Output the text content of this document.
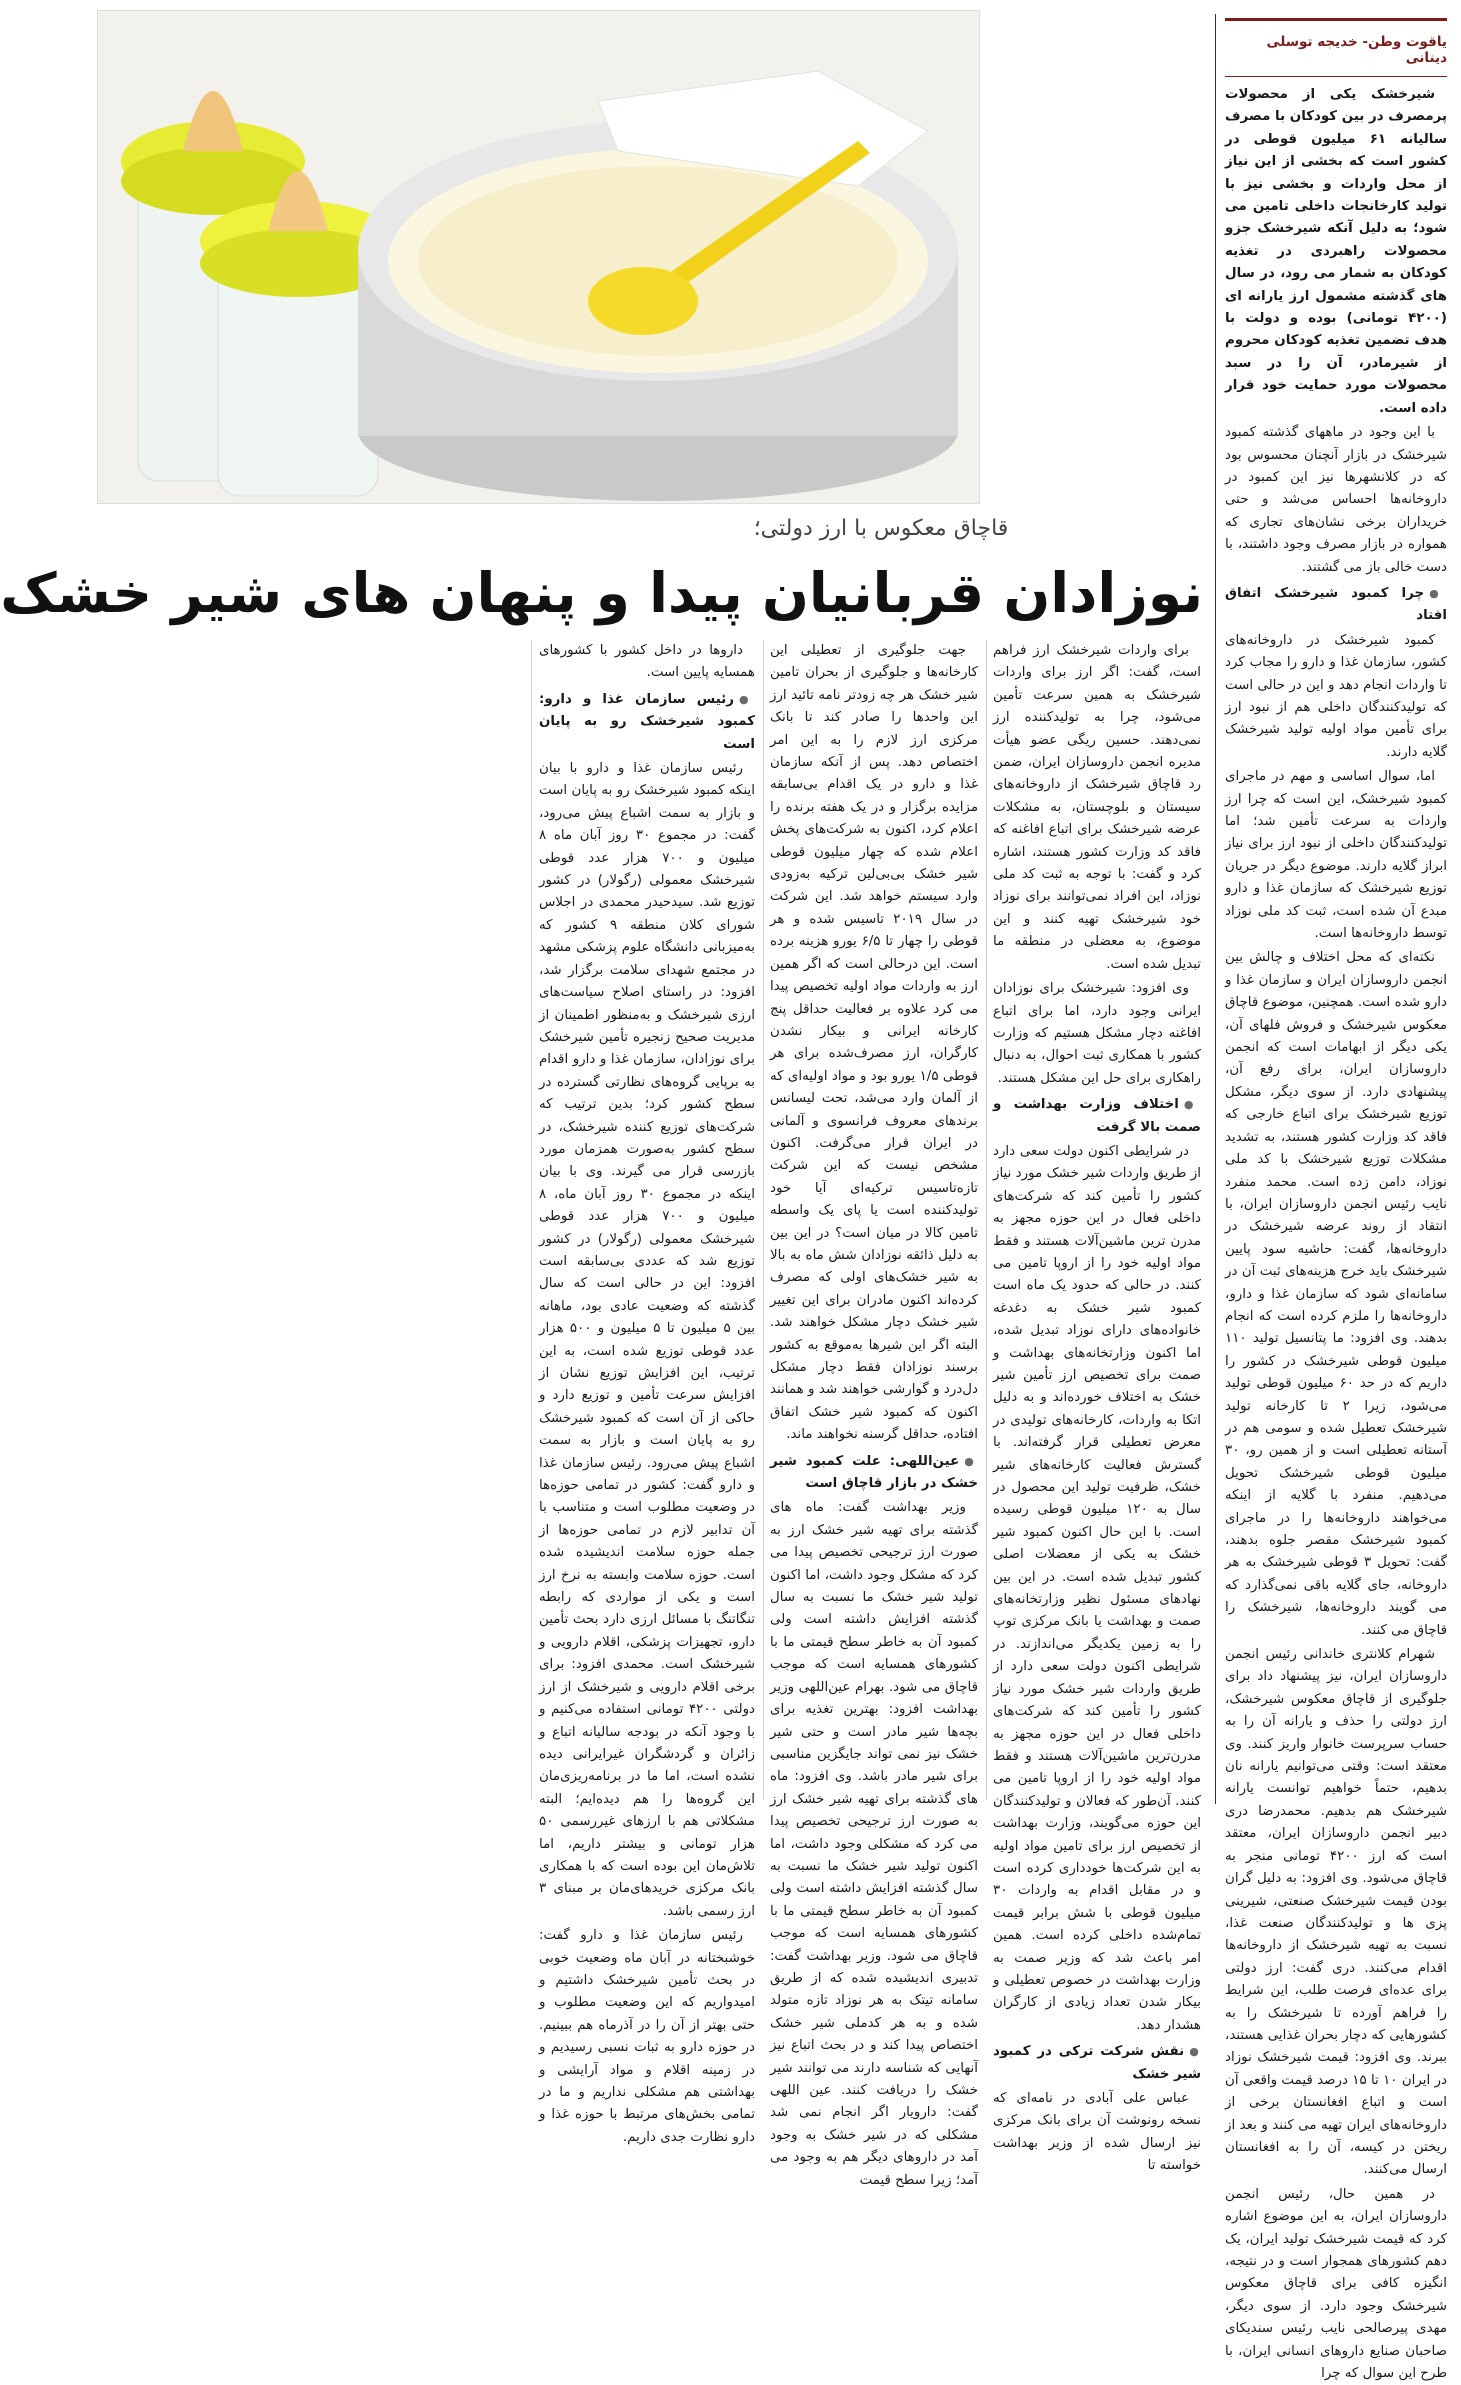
یاقوت وطن- خدیجه توسلی دینانی

شیرخشک یکی از محصولات پرمصرف در بین کودکان با مصرف سالیانه ۶۱ میلیون قوطی در کشور است که بخشی از این نیاز از محل واردات و بخشی نیز با تولید کارخانجات داخلی تامین می شود؛ به دلیل آنکه شیرخشک جزو محصولات راهبردی در تغذیه کودکان به شمار می رود، در سال های گذشته مشمول ارز یارانه ای (۴۲۰۰ تومانی) بوده و دولت با هدف تضمین تغذیه کودکان محروم از شیرمادر، آن را در سبد محصولات مورد حمایت خود قرار داده است.

با این وجود در ماههای گذشته کمبود شیرخشک در بازار آنچنان محسوس بود که در کلانشهرها نیز این کمبود در داروخانه‌ها احساس می‌شد و حتی خریداران برخی نشان‌های تجاری که همواره در بازار مصرف وجود داشتند، با دست خالی باز می گشتند.

● چرا کمبود شیرخشک اتفاق افتاد

کمبود شیرخشک در داروخانه‌های کشور، سازمان غذا و دارو را مجاب کرد تا واردات انجام دهد و این در حالی است که تولیدکنندگان داخلی هم از نبود ارز برای تأمین مواد اولیه تولید شیرخشک گلایه دارند.

اما، سوال اساسی و مهم در ماجرای کمبود شیرخشک، این است که چرا ارز واردات به سرعت تأمین شد؛ اما تولیدکنندگان داخلی از نبود ارز برای نیاز ابراز گلایه دارند. موضوع دیگر در جریان توزیع شیرخشک که سازمان غذا و دارو مبدع آن شده است، ثبت کد ملی نوزاد توسط داروخانه‌ها است.

نکته‌ای که محل اختلاف و چالش بین انجمن داروسازان ایران و سازمان غذا و دارو شده است. همچنین، موضوع قاچاق معکوس شیرخشک و فروش فلهای آن، یکی دیگر از ابهامات است که انجمن داروسازان ایران، برای رفع آن، پیشنهادی دارد. از سوی دیگر، مشکل توزیع شیرخشک برای اتباع خارجی که فاقد کد وزارت کشور هستند، به تشدید مشکلات توزیع شیرخشک با کد ملی نوزاد، دامن زده است. محمد منفرد نایب رئیس انجمن داروسازان ایران، با انتقاد از روند عرضه شیرخشک در داروخانه‌ها، گفت: حاشیه سود پایین شیرخشک باید خرج هزینه‌های ثبت آن در سامانه‌ای شود که سازمان غذا و دارو، داروخانه‌ها را ملزم کرده است که انجام بدهند. وی افزود: ما پتانسیل تولید ۱۱۰ میلیون قوطی شیرخشک در کشور را داریم که در حد ۶۰ میلیون قوطی تولید می‌شود، زیرا ۲ تا کارخانه تولید شیرخشک تعطیل شده و سومی هم در آستانه تعطیلی است و از همین رو، ۳۰ میلیون قوطی شیرخشک تحویل می‌دهیم. منفرد با گلایه از اینکه می‌خواهند داروخانه‌ها را در ماجرای کمبود شیرخشک مقصر جلوه بدهند، گفت: تحویل ۳ قوطی شیرخشک به هر داروخانه، جای گلایه باقی نمی‌گذارد که می گویند داروخانه‌ها، شیرخشک را قاچاق می کنند.

شهرام کلانتری خاندانی رئیس انجمن داروسازان ایران، نیز پیشنهاد داد برای جلوگیری از قاچاق معکوس شیرخشک، ارز دولتی را حذف و یارانه آن را به حساب سرپرست خانوار واریز کنند. وی معتقد است: وقتی می‌توانیم یارانه نان بدهیم، حتماً خواهیم توانست یارانه شیرخشک هم بدهیم. محمدرضا دری دبیر انجمن داروسازان ایران، معتقد است که ارز ۴۲۰۰ تومانی منجر به قاچاق می‌شود. وی افزود: به دلیل گران بودن قیمت شیرخشک صنعتی، شیرینی پزی ها و تولیدکنندگان صنعت غذا، نسبت به تهیه شیرخشک از داروخانه‌ها اقدام می‌کنند. دری گفت: ارز دولتی برای عده‌ای فرصت طلب، این شرایط را فراهم آورده تا شیرخشک را به کشورهایی که دچار بحران غذایی هستند، ببرند. وی افزود: قیمت شیرخشک نوزاد در ایران ۱۰ تا ۱۵ درصد قیمت واقعی آن است و اتباع افغانستان برخی از داروخانه‌های ایران تهیه می کنند و بعد از ریختن در کیسه، آن را به افغانستان ارسال می‌کنند.

در همین حال، رئیس انجمن داروسازان ایران، به این موضوع اشاره کرد که قیمت شیرخشک تولید ایران، یک دهم کشورهای همجوار است و در نتیجه، انگیزه کافی برای قاچاق معکوس شیرخشک وجود دارد. از سوی دیگر، مهدی پیرصالحی نایب رئیس سندیکای صاحبان صنایع داروهای انسانی ایران، با طرح این سوال که چرا

قاچاق معکوس با ارز دولتی؛
نوزادان قربانیان پیدا و پنهان های شیر خشک

برای واردات شیرخشک ارز فراهم است، گفت: اگر ارز برای واردات شیرخشک به همین سرعت تأمین می‌شود، چرا به تولیدکننده ارز نمی‌دهند. حسین ریگی عضو هیأت مدیره انجمن داروسازان ایران، ضمن رد قاچاق شیرخشک از داروخانه‌های سیستان و بلوچستان، به مشکلات عرضه شیرخشک برای اتباع افاغنه که فاقد کد وزارت کشور هستند، اشاره کرد و گفت: با توجه به ثبت کد ملی نوزاد، این افراد نمی‌توانند برای نوزاد خود شیرخشک تهیه کنند و این موضوع، به معضلی در منطقه ما تبدیل شده است.

وی افزود: شیرخشک برای نوزادان ایرانی وجود دارد، اما برای اتباع افاغنه دچار مشکل هستیم که وزارت کشور با همکاری ثبت احوال، به دنبال راهکاری برای حل این مشکل هستند.

● اختلاف وزارت بهداشت و صمت بالا گرفت

در شرایطی اکنون دولت سعی دارد از طریق واردات شیر خشک مورد نیاز کشور را تأمین کند که شرکت‌های داخلی فعال در این حوزه مجهز به مدرن ترین ماشین‌آلات هستند و فقط مواد اولیه خود را از اروپا تامین می کنند. در حالی که حدود یک ماه است کمبود شیر خشک به دغدغه خانواده‌های دارای نوزاد تبدیل شده، اما اکنون وزارتخانه‌های بهداشت و صمت برای تخصیص ارز تأمین شیر خشک به اختلاف خورده‌اند و به دلیل اتکا به واردات، کارخانه‌های تولیدی در معرض تعطیلی قرار گرفته‌اند. با گسترش فعالیت کارخانه‌های شیر خشک، ظرفیت تولید این محصول در سال به ۱۲۰ میلیون قوطی رسیده است. با این حال اکنون کمبود شیر خشک به یکی از معضلات اصلی کشور تبدیل شده است. در این بین نهادهای مسئول نظیر وزارتخانه‌های صمت و بهداشت یا بانک مرکزی توپ را به زمین یکدیگر می‌اندازند. در شرایطی اکنون دولت سعی دارد از طریق واردات شیر خشک مورد نیاز کشور را تأمین کند که شرکت‌های داخلی فعال در این حوزه مجهز به مدرن‌ترین ماشین‌آلات هستند و فقط مواد اولیه خود را از اروپا تامین می کنند. آن‌طور که فعالان و تولیدکنندگان این حوزه می‌گویند، وزارت بهداشت از تخصیص ارز برای تامین مواد اولیه به این شرکت‌ها خودداری کرده است و در مقابل اقدام به واردات ۳۰ میلیون قوطی با شش برابر قیمت تمام‌شده داخلی کرده است. همین امر باعث شد که وزیر صمت به وزارت بهداشت در خصوص تعطیلی و بیکار شدن تعداد زیادی از کارگران هشدار دهد.

● نقش شرکت ترکی در کمبود شیر خشک

عباس علی آبادی در نامه‌ای که نسخه رونوشت آن برای بانک مرکزی نیز ارسال شده از وزیر بهداشت خواسته تا

جهت جلوگیری از تعطیلی این کارخانه‌ها و جلوگیری از بحران تامین شیر خشک هر چه زودتر نامه تائید ارز این واحدها را صادر کند تا بانک مرکزی ارز لازم را به این امر اختصاص دهد. پس از آنکه سازمان غذا و دارو در یک اقدام بی‌سابقه مزایده برگزار و در یک هفته برنده را اعلام کرد، اکنون به شرکت‌های پخش اعلام شده که چهار میلیون قوطی شیر خشک بی‌بی‌لین ترکیه به‌زودی وارد سیستم خواهد شد. این شرکت در سال ۲۰۱۹ تاسیس شده و هر قوطی را چهار تا ۶/۵ یورو هزینه برده است. این درحالی است که اگر همین ارز به واردات مواد اولیه تخصیص پیدا می کرد علاوه بر فعالیت حداقل پنج کارخانه ایرانی و بیکار نشدن کارگران، ارز مصرف‌شده برای هر قوطی ۱/۵ یورو بود و مواد اولیه‌ای که از آلمان وارد می‌شد، تحت لیسانس برندهای معروف فرانسوی و آلمانی در ایران قرار می‌گرفت. اکنون مشخص نیست که این شرکت تازه‌تاسیس ترکیه‌ای آیا خود تولیدکننده است یا پای یک واسطه تامین کالا در میان است؟ در این بین به دلیل ذائقه نوزادان شش ماه به بالا به شیر خشک‌های اولی که مصرف کرده‌اند اکنون مادران برای این تغییر شیر خشک دچار مشکل خواهند شد. البته اگر این شیرها به‌موقع به کشور برسند نوزادان فقط دچار مشکل دل‌درد و گوارشی خواهند شد و همانند اکنون که کمبود شیر خشک اتفاق افتاده، حداقل گرسنه نخواهند ماند.

● عین‌اللهی: علت کمبود شیر خشک در بازار قاچاق است

وزیر بهداشت گفت: ماه های گذشته برای تهیه شیر خشک ارز به صورت ارز ترجیحی تخصیص پیدا می کرد که مشکل وجود داشت، اما اکنون تولید شیر خشک ما نسبت به سال گذشته افزایش داشته است ولی کمبود آن به خاطر سطح قیمتی ما با کشورهای همسایه است که موجب قاچاق می شود. بهرام عین‌اللهی وزیر بهداشت افزود: بهترین تغذیه برای بچه‌ها شیر مادر است و حتی شیر خشک نیز نمی تواند جایگزین مناسبی برای شیر مادر باشد. وی افزود: ماه های گذشته برای تهیه شیر خشک ارز به صورت ارز ترجیحی تخصیص پیدا می کرد که مشکلی وجود داشت، اما اکنون تولید شیر خشک ما نسبت به سال گذشته افزایش داشته است ولی کمبود آن به خاطر سطح قیمتی ما با کشورهای همسایه است که موجب قاچاق می شود. وزیر بهداشت گفت: تدبیری اندیشیده شده که از طریق سامانه تیتک به هر نوزاد تازه متولد شده و به هر کدملی شیر خشک اختصاص پیدا کند و در بحث اتباع نیز آنهایی که شناسه دارند می توانند شیر خشک را دریافت کنند. عین اللهی گفت: دارویار اگر انجام نمی شد مشکلی که در شیر خشک به وجود آمد در داروهای دیگر هم به وجود می آمد؛ زیرا سطح قیمت

داروها در داخل کشور با کشورهای همسایه پایین است.

● رئیس سازمان غذا و دارو: کمبود شیرخشک رو به پایان است

رئیس سازمان غذا و دارو با بیان اینکه کمبود شیرخشک رو به پایان است و بازار به سمت اشباع پیش می‌رود، گفت: در مجموع ۳۰ روز آبان ماه ۸ میلیون و ۷۰۰ هزار عدد قوطی شیرخشک معمولی (رگولار) در کشور توزیع شد. سیدحیدر محمدی در اجلاس شورای کلان منطقه ۹ کشور که به‌میزبانی دانشگاه علوم پزشکی مشهد در مجتمع شهدای سلامت برگزار شد، افزود: در راستای اصلاح سیاست‌های ارزی شیرخشک و به‌منظور اطمینان از مدیریت صحیح زنجیره تأمین شیرخشک برای نوزادان، سازمان غذا و دارو اقدام به برپایی گروه‌های نظارتی گسترده در سطح کشور کرد؛ بدین ترتیب که شرکت‌های توزیع کننده شیرخشک، در سطح کشور به‌صورت همزمان مورد بازرسی قرار می گیرند. وی با بیان اینکه در مجموع ۳۰ روز آبان ماه، ۸ میلیون و ۷۰۰ هزار عدد قوطی شیرخشک معمولی (رگولار) در کشور توزیع شد که عددی بی‌سابقه است افزود: این در حالی است که سال گذشته که وضعیت عادی بود، ماهانه بین ۵ میلیون تا ۵ میلیون و ۵۰۰ هزار عدد قوطی توزیع شده است، به این ترتیب، این افزایش توزیع نشان از افزایش سرعت تأمین و توزیع دارد و حاکی از آن است که کمبود شیرخشک رو به پایان است و بازار به سمت اشباع پیش می‌رود. رئیس سازمان غذا و دارو گفت: کشور در تمامی حوزه‌ها در وضعیت مطلوب است و متناسب با آن تدابیر لازم در تمامی حوزه‌ها از جمله حوزه سلامت اندیشیده شده است. حوزه سلامت وابسته به نرخ ارز است و یکی از مواردی که رابطه تنگاتنگ با مسائل ارزی دارد بحث تأمین دارو، تجهیزات پزشکی، اقلام دارویی و شیرخشک است. محمدی افزود: برای برخی اقلام دارویی و شیرخشک از ارز دولتی ۴۲۰۰ تومانی استفاده می‌کنیم و با وجود آنکه در بودجه سالیانه اتباع و زائران و گردشگران غیرایرانی دیده نشده است، اما ما در برنامه‌ریزی‌مان این گروه‌ها را هم دیده‌ایم؛ البته مشکلاتی هم با ارزهای غیررسمی ۵۰ هزار تومانی و بیشتر داریم، اما تلاش‌مان این بوده است که با همکاری بانک مرکزی خریدهای‌مان بر مبنای ۳ ارز رسمی باشد.

رئیس سازمان غذا و دارو گفت: خوشبختانه در آبان ماه وضعیت خوبی در بحث تأمین شیرخشک داشتیم و امیدواریم که این وضعیت مطلوب و حتی بهتر از آن را در آذرماه هم ببینیم. در حوزه دارو به ثبات نسبی رسیدیم و در زمینه اقلام و مواد آرایشی و بهداشتی هم مشکلی نداریم و ما در تمامی بخش‌های مرتبط با حوزه غذا و دارو نظارت جدی داریم.
